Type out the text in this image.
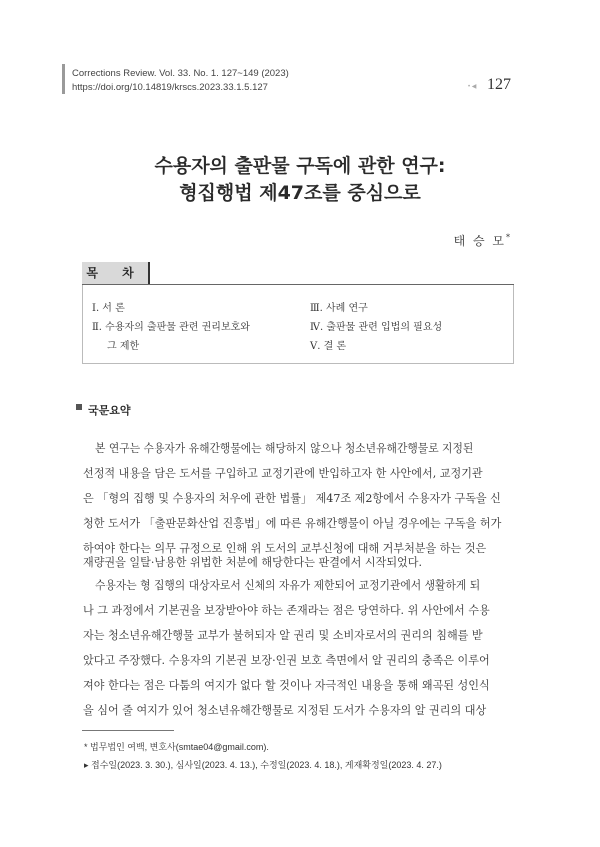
Corrections Review. Vol. 33. No. 1. 127~149 (2023)
https://doi.org/10.14819/krscs.2023.33.1.5.127	• ◀ 127
수용자의 출판물 구독에 관한 연구:
형집행법 제47조를 중심으로
태 승 모*
목 차
Ⅰ. 서 론
Ⅱ. 수용자의 출판물 관련 권리보호와
그 제한
Ⅲ. 사례 연구
Ⅳ. 출판물 관련 입법의 필요성
Ⅴ. 결 론
국문요약
본 연구는 수용자가 유해간행물에는 해당하지 않으나 청소년유해간행물로 지정된
선정적 내용을 담은 도서를 구입하고 교정기관에 반입하고자 한 사안에서, 교정기관
은 「형의 집행 및 수용자의 처우에 관한 법률」 제47조 제2항에서 수용자가 구독을 신
청한 도서가 「출판문화산업 진흥법」에 따른 유해간행물이 아닐 경우에는 구독을 허가
하여야 한다는 의무 규정으로 인해 위 도서의 교부신청에 대해 거부처분을 하는 것은
재량권을 일탈·남용한 위법한 처분에 해당한다는 판결에서 시작되었다.
수용자는 형 집행의 대상자로서 신체의 자유가 제한되어 교정기관에서 생활하게 되
나 그 과정에서 기본권을 보장받아야 하는 존재라는 점은 당연하다. 위 사안에서 수용
자는 청소년유해간행물 교부가 불허되자 알 권리 및 소비자로서의 권리의 침해를 받
았다고 주장했다. 수용자의 기본권 보장·인권 보호 측면에서 알 권리의 충족은 이루어
져야 한다는 점은 다툼의 여지가 없다 할 것이나 자극적인 내용을 통해 왜곡된 성인식
을 심어 줄 여지가 있어 청소년유해간행물로 지정된 도서가 수용자의 알 권리의 대상
* 법무법인 여백, 변호사(smtae04@gmail.com).
▸ 접수일(2023. 3. 30.), 심사일(2023. 4. 13.), 수정일(2023. 4. 18.), 게재확정일(2023. 4. 27.)
